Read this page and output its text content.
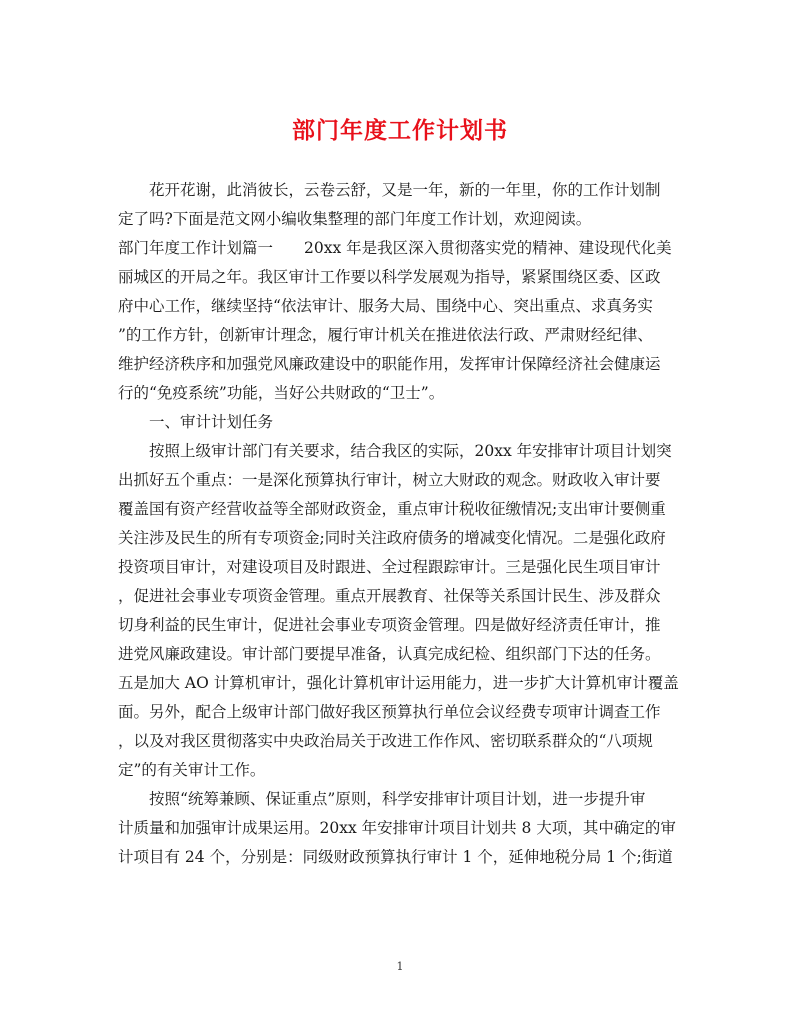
部门年度工作计划书
　　花开花谢，此消彼长，云卷云舒，又是一年，新的一年里，你的工作计划制
定了吗?下面是范文网小编收集整理的部门年度工作计划，欢迎阅读。
部门年度工作计划篇一　　20xx 年是我区深入贯彻落实党的精神、建设现代化美
丽城区的开局之年。我区审计工作要以科学发展观为指导，紧紧围绕区委、区政
府中心工作，继续坚持“依法审计、服务大局、围绕中心、突出重点、求真务实
”的工作方针，创新审计理念，履行审计机关在推进依法行政、严肃财经纪律、
维护经济秩序和加强党风廉政建设中的职能作用，发挥审计保障经济社会健康运
行的“免疫系统”功能，当好公共财政的“卫士”。
　　一、审计计划任务
　　按照上级审计部门有关要求，结合我区的实际，20xx 年安排审计项目计划突
出抓好五个重点：一是深化预算执行审计，树立大财政的观念。财政收入审计要
覆盖国有资产经营收益等全部财政资金，重点审计税收征缴情况;支出审计要侧重
关注涉及民生的所有专项资金;同时关注政府债务的增减变化情况。二是强化政府
投资项目审计，对建设项目及时跟进、全过程跟踪审计。三是强化民生项目审计
，促进社会事业专项资金管理。重点开展教育、社保等关系国计民生、涉及群众
切身利益的民生审计，促进社会事业专项资金管理。四是做好经济责任审计，推
进党风廉政建设。审计部门要提早准备，认真完成纪检、组织部门下达的任务。
五是加大 AO 计算机审计，强化计算机审计运用能力，进一步扩大计算机审计覆盖
面。另外，配合上级审计部门做好我区预算执行单位会议经费专项审计调查工作
，以及对我区贯彻落实中央政治局关于改进工作作风、密切联系群众的“八项规
定”的有关审计工作。
　　按照“统筹兼顾、保证重点”原则，科学安排审计项目计划，进一步提升审
计质量和加强审计成果运用。20xx 年安排审计项目计划共 8 大项，其中确定的审
计项目有 24 个，分别是：同级财政预算执行审计 1 个，延伸地税分局 1 个;街道
1
